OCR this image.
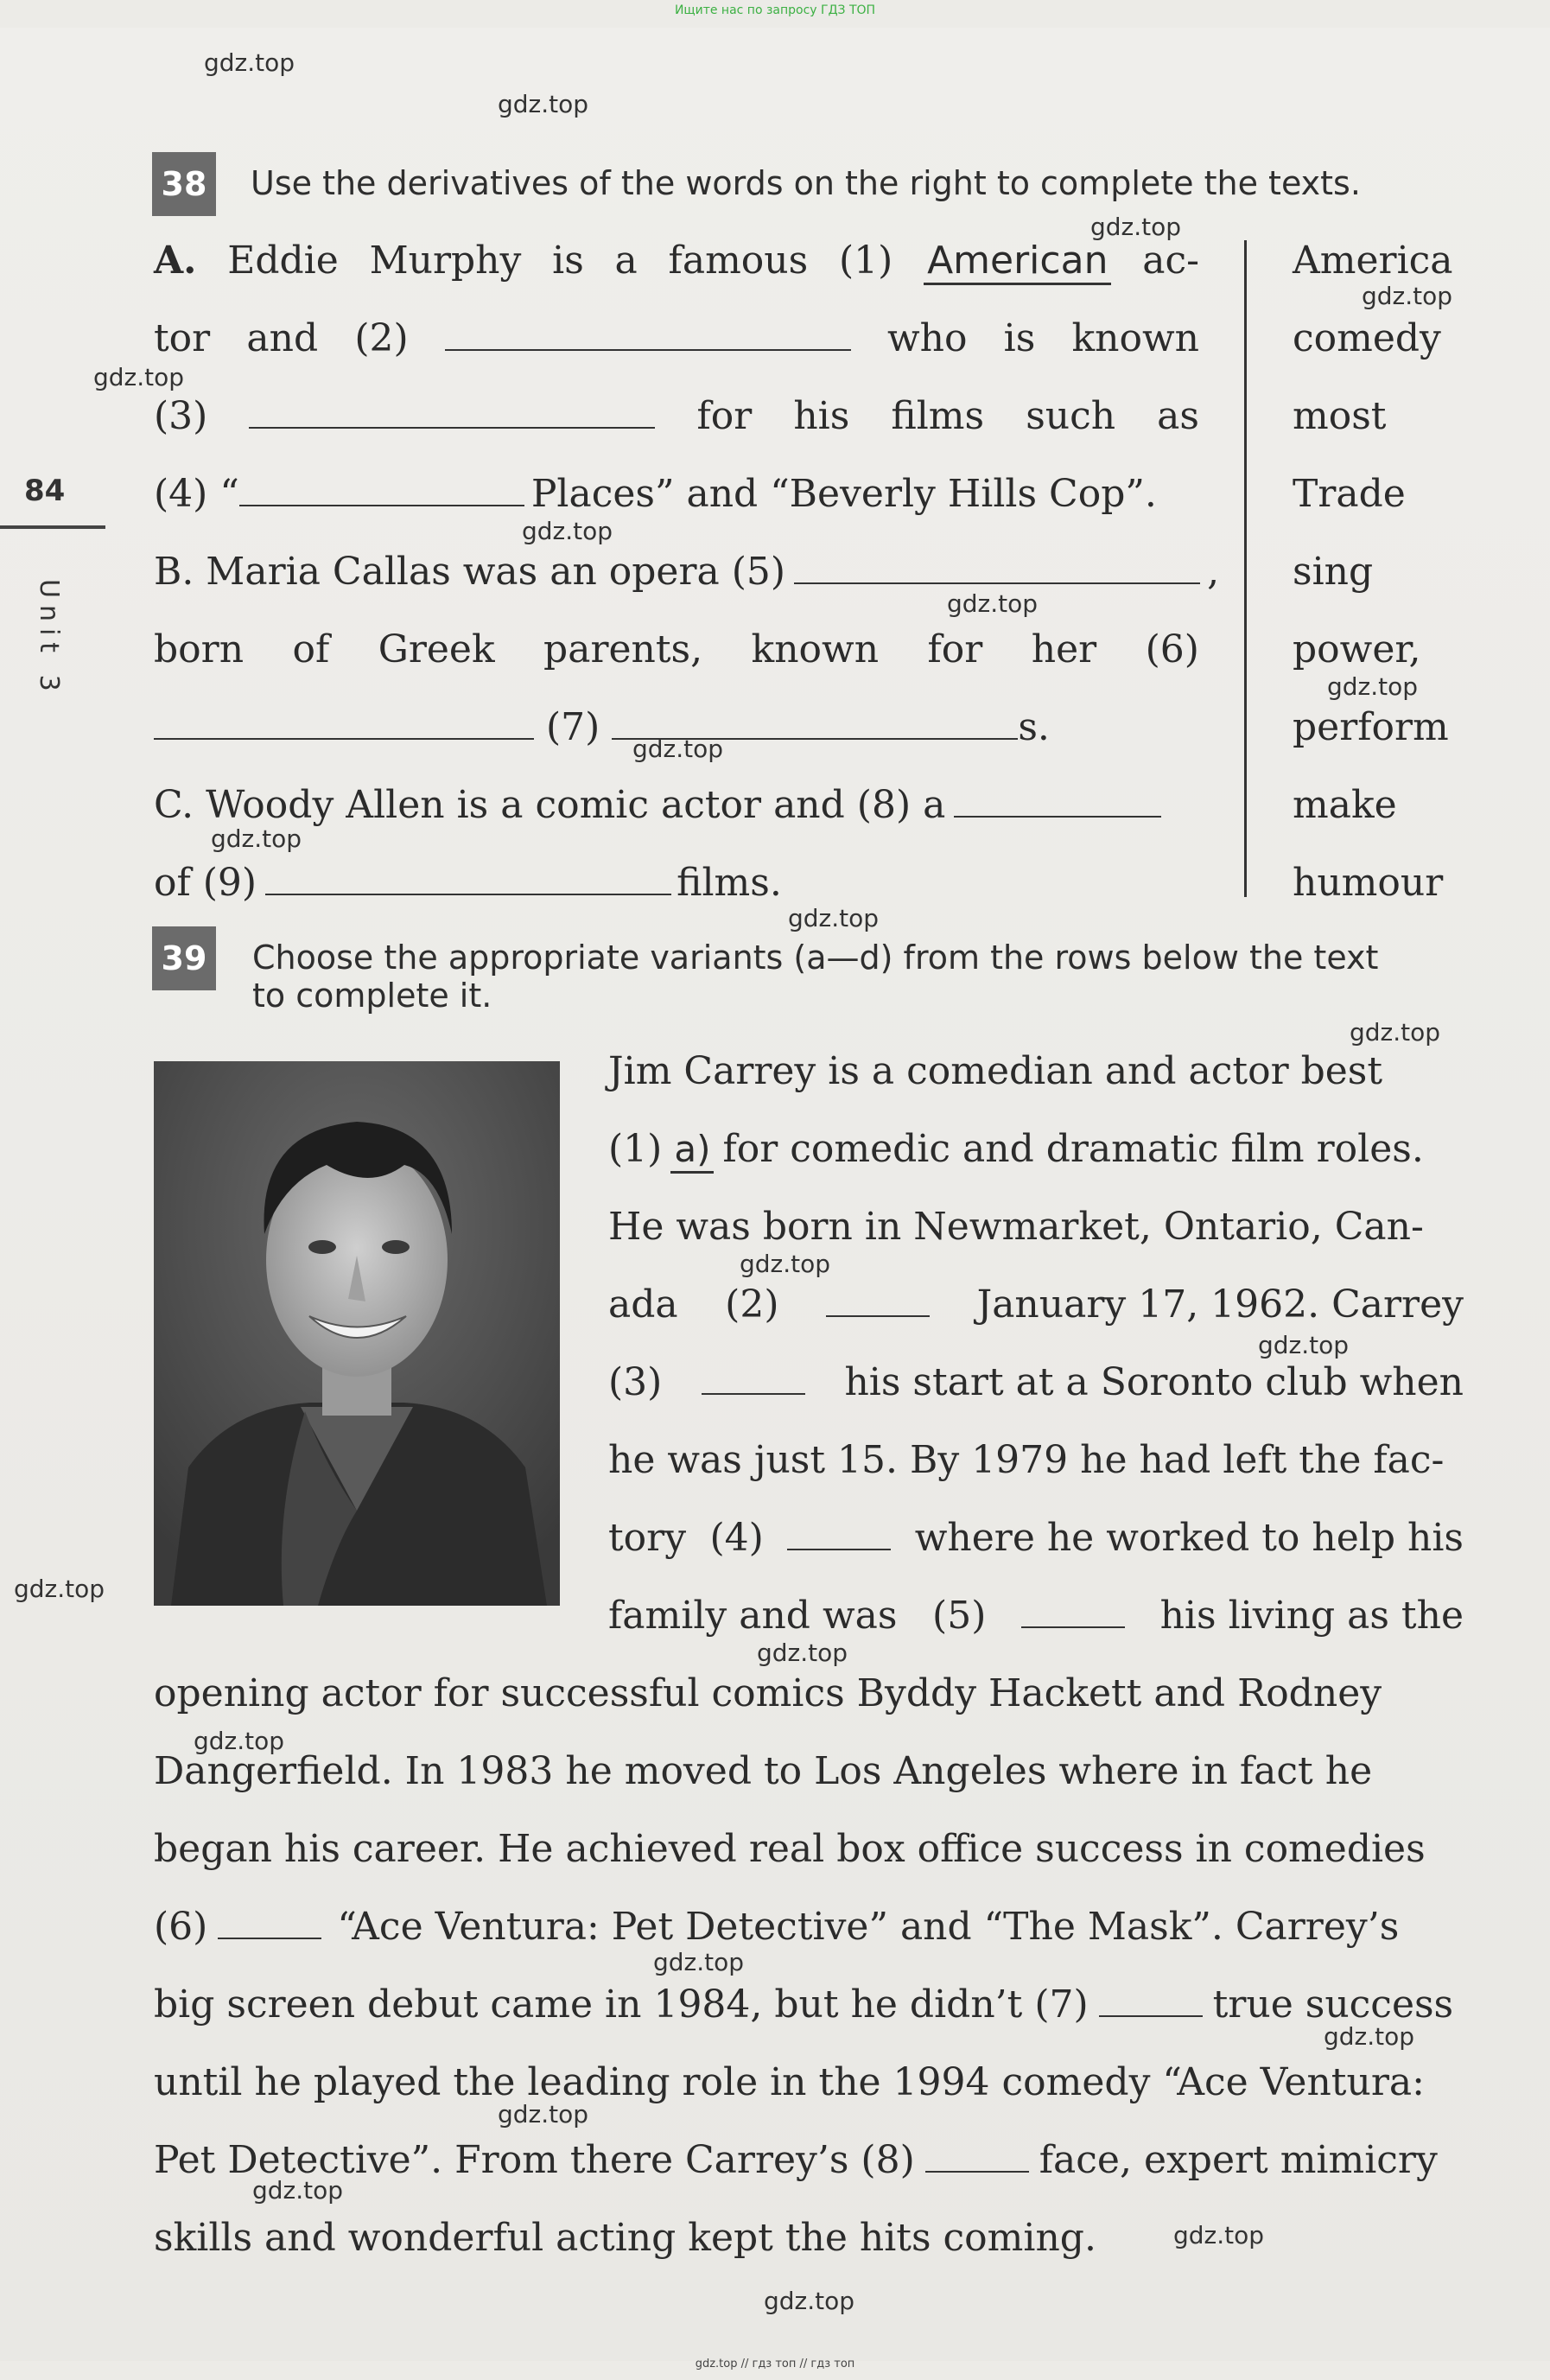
Ищите нас по запросу ГДЗ ТОП
gdz.top
gdz.top
gdz.top
gdz.top
gdz.top
gdz.top
gdz.top
gdz.top
gdz.top
gdz.top
gdz.top
gdz.top
gdz.top
gdz.top
gdz.top
gdz.top
gdz.top
gdz.top
gdz.top
gdz.top
gdz.top
gdz.top
gdz.top
84
Unit 3
38 Use the derivatives of the words on the right to complete the texts.
A. Eddie Murphy is a famous (1) American ac-
tor and (2)	who is known
(3)	for his films such as
(4) “	Places” and “Beverly Hills Cop”.
B. Maria Callas was an opera (5)	,
born of Greek parents, known for her (6)
(7)	s.
C. Woody Allen is a comic actor and (8) a
of (9)	films.
America
comedy
most
Trade
sing
power,
perform
make
humour
39 Choose the appropriate variants (a—d) from the rows below the text
to complete it.
Jim Carrey is a comedian and actor best
(1) a) for comedic and dramatic film roles.
He was born in Newmarket, Ontario, Can-
ada (2)	January 17, 1962. Carrey
(3)	his start at a Soronto club when
he was just 15. By 1979 he had left the fac-
tory (4)	where he worked to help his
family and was (5)	his living as the
opening actor for successful comics Byddy Hackett and Rodney
Dangerfield. In 1983 he moved to Los Angeles where in fact he
began his career. He achieved real box office success in comedies
(6)	“Ace Ventura: Pet Detective” and “The Mask”. Carrey’s
big screen debut came in 1984, but he didn’t (7)	true success
until he played the leading role in the 1994 comedy “Ace Ventura:
Pet Detective”. From there Carrey’s (8)	face, expert mimicry
skills and wonderful acting kept the hits coming.
gdz.top // гдз топ // гдз топ
